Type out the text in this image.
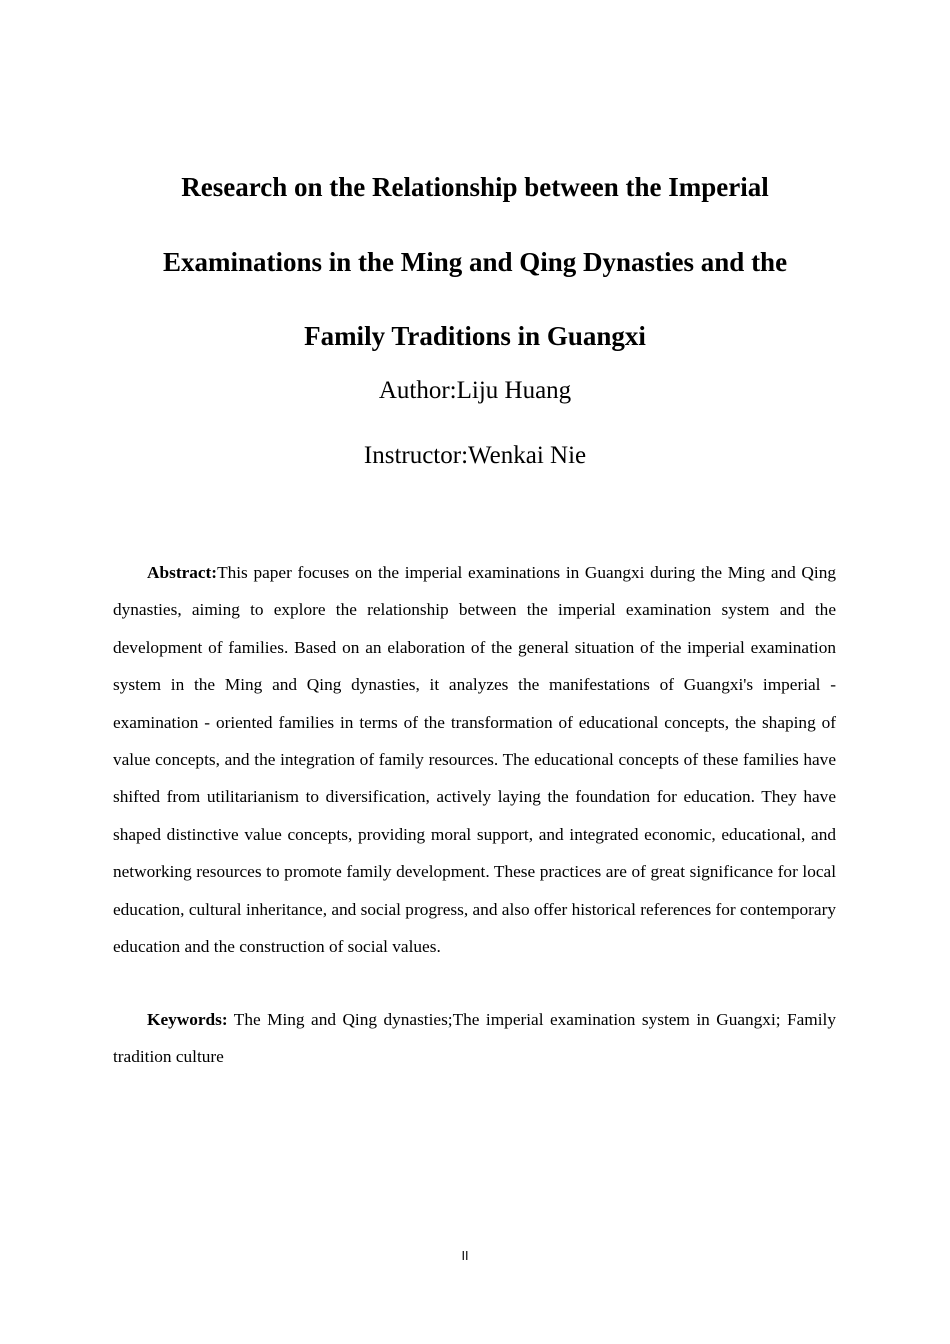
Research on the Relationship between the Imperial
Examinations in the Ming and Qing Dynasties and the
Family Traditions in Guangxi
Author:Liju Huang
Instructor:Wenkai Nie

Abstract:This paper focuses on the imperial examinations in Guangxi during the Ming and Qing dynasties, aiming to explore the relationship between the imperial examination system and the development of families. Based on an elaboration of the general situation of the imperial examination system in the Ming and Qing dynasties, it analyzes the manifestations of Guangxi's imperial - examination - oriented families in terms of the transformation of educational concepts, the shaping of value concepts, and the integration of family resources. The educational concepts of these families have shifted from utilitarianism to diversification, actively laying the foundation for education. They have shaped distinctive value concepts, providing moral support, and integrated economic, educational, and networking resources to promote family development. These practices are of great significance for local education, cultural inheritance, and social progress, and also offer historical references for contemporary education and the construction of social values.

Keywords: The Ming and Qing dynasties;The imperial examination system in Guangxi; Family tradition culture

II
